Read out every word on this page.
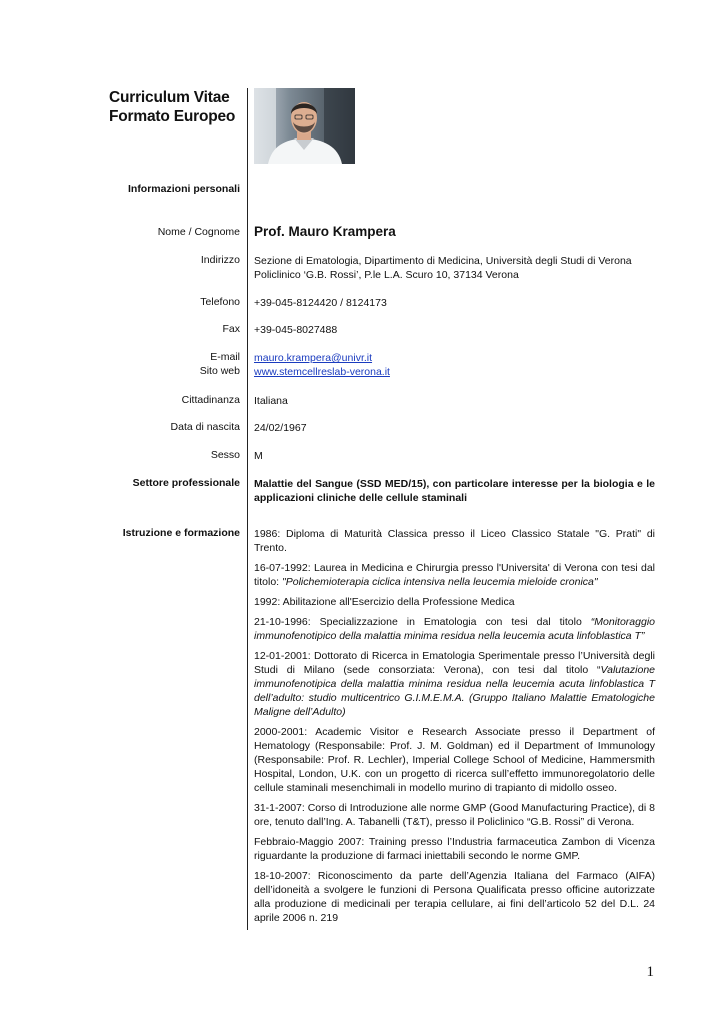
Curriculum Vitae
Formato Europeo
Informazioni personali
Nome / Cognome Prof. Mauro Krampera
Indirizzo Sezione di Ematologia, Dipartimento di Medicina, Università degli Studi di Verona
Policlinico ‘G.B. Rossi’, P.le L.A. Scuro 10, 37134 Verona
Telefono +39-045-8124420 / 8124173
Fax +39-045-8027488
E-mail
Sito web
mauro.krampera@univr.it
www.stemcellreslab-verona.it
Cittadinanza Italiana
Data di nascita 24/02/1967
Sesso M
Settore professionale Malattie del Sangue (SSD MED/15), con particolare interesse per la biologia e le applicazioni cliniche delle cellule staminali
Istruzione e formazione 1986: Diploma di Maturità Classica presso il Liceo Classico Statale "G. Prati" di Trento.
16-07-1992: Laurea in Medicina e Chirurgia presso l'Universita' di Verona con tesi dal titolo: "Polichemioterapia ciclica intensiva nella leucemia mieloide cronica"
1992: Abilitazione all'Esercizio della Professione Medica
21-10-1996: Specializzazione in Ematologia con tesi dal titolo “Monitoraggio immunofenotipico della malattia minima residua nella leucemia acuta linfoblastica T”
12-01-2001: Dottorato di Ricerca in Ematologia Sperimentale presso l’Università degli Studi di Milano (sede consorziata: Verona), con tesi dal titolo “Valutazione immunofenotipica della malattia minima residua nella leucemia acuta linfoblastica T dell’adulto: studio multicentrico G.I.M.E.M.A. (Gruppo Italiano Malattie Ematologiche Maligne dell’Adulto)
2000-2001: Academic Visitor e Research Associate presso il Department of Hematology (Responsabile: Prof. J. M. Goldman) ed il Department of Immunology (Responsabile: Prof. R. Lechler), Imperial College School of Medicine, Hammersmith Hospital, London, U.K. con un progetto di ricerca sull’effetto immunoregolatorio delle cellule staminali mesenchimali in modello murino di trapianto di midollo osseo.
31-1-2007: Corso di Introduzione alle norme GMP (Good Manufacturing Practice), di 8 ore, tenuto dall’Ing. A. Tabanelli (T&T), presso il Policlinico “G.B. Rossi” di Verona.
Febbraio-Maggio 2007: Training presso l’Industria farmaceutica Zambon di Vicenza riguardante la produzione di farmaci iniettabili secondo le norme GMP.
18-10-2007: Riconoscimento da parte dell’Agenzia Italiana del Farmaco (AIFA) dell’idoneità a svolgere le funzioni di Persona Qualificata presso officine autorizzate alla produzione di medicinali per terapia cellulare, ai fini dell’articolo 52 del D.L. 24 aprile 2006 n. 219
1
